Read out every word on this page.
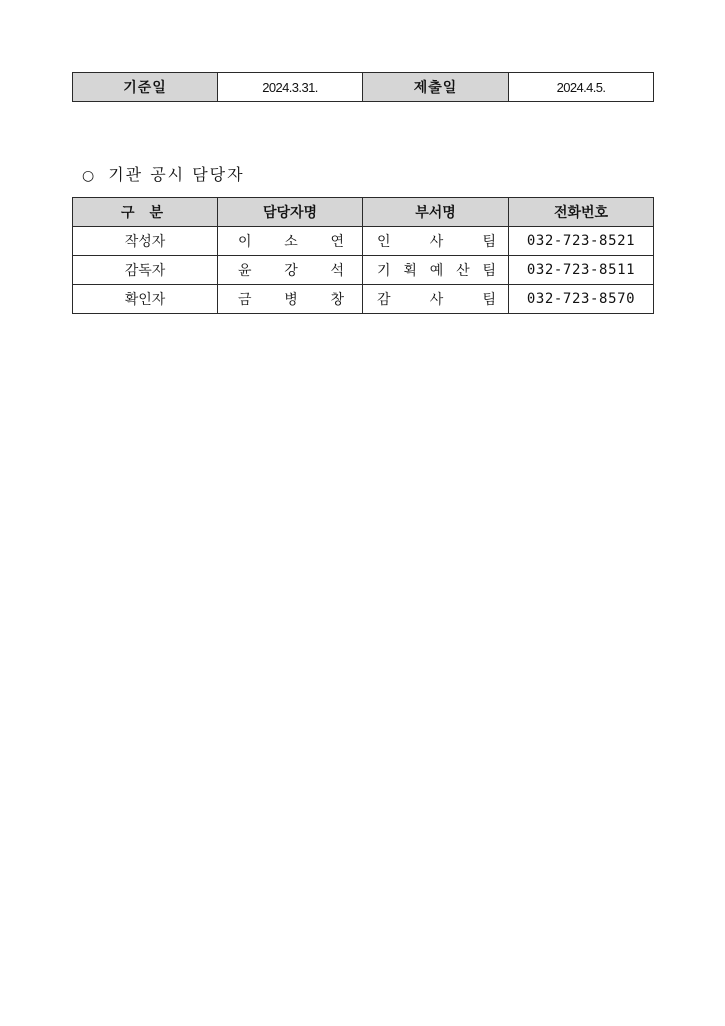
기준일	2024.3.31.	제출일	2024.4.5.
○ 기관 공시 담당자
구 분	담당자명	부서명	전화번호
작성자	이 소 연	인 사 팀	032-723-8521
감독자	윤 강 석	기 획 예 산 팀	032-723-8511
확인자	금 병 창	감 사 팀	032-723-8570
